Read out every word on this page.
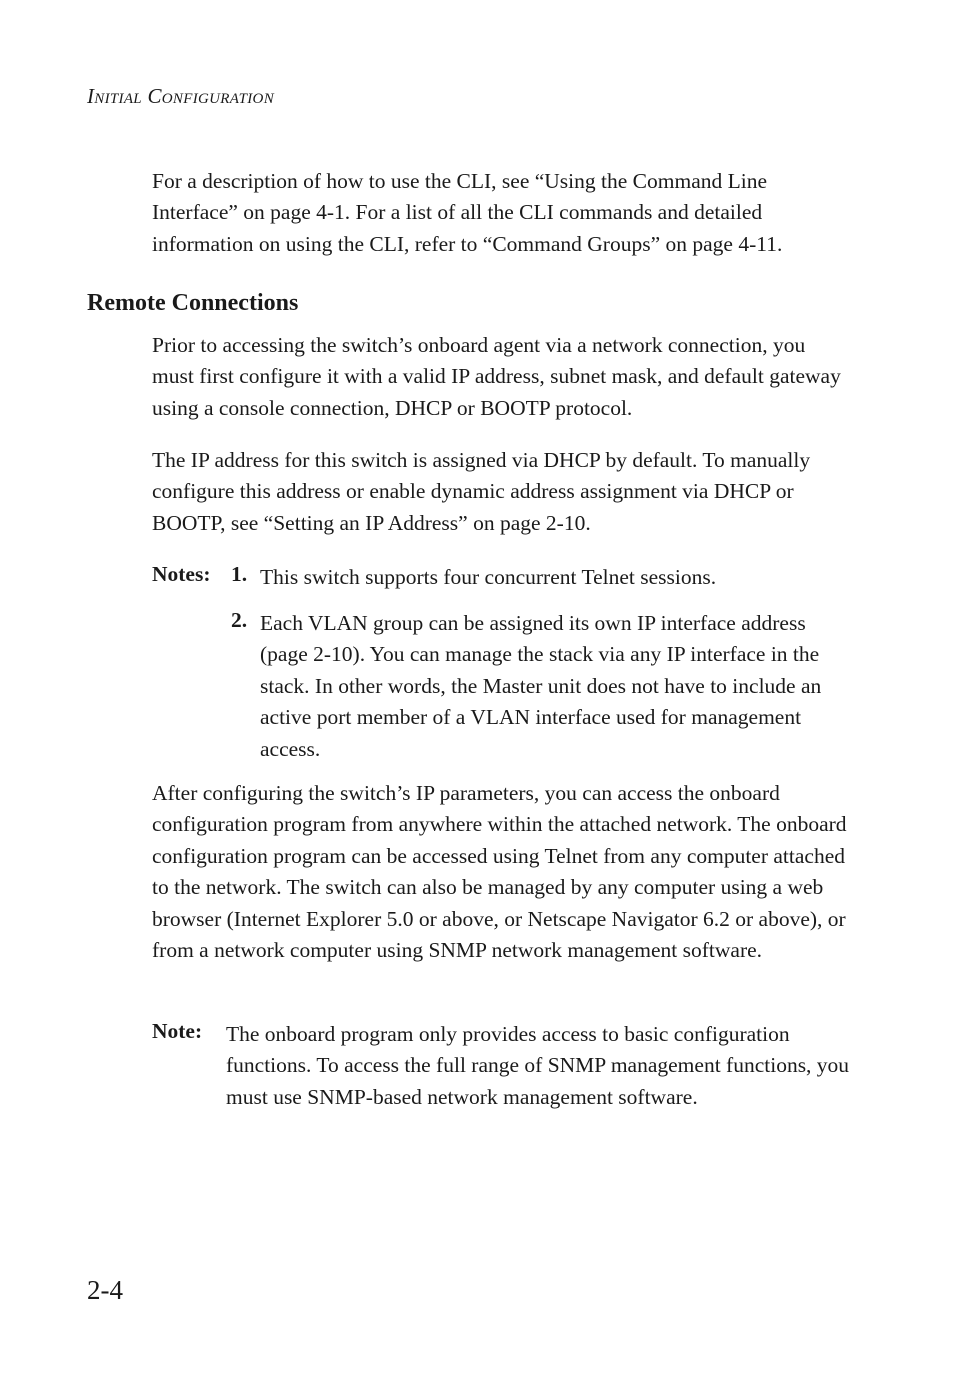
Initial Configuration

For a description of how to use the CLI, see “Using the Command Line Interface” on page 4-1. For a list of all the CLI commands and detailed information on using the CLI, refer to “Command Groups” on page 4-11.

Remote Connections

Prior to accessing the switch’s onboard agent via a network connection, you must first configure it with a valid IP address, subnet mask, and default gateway using a console connection, DHCP or BOOTP protocol.

The IP address for this switch is assigned via DHCP by default. To manually configure this address or enable dynamic address assignment via DHCP or BOOTP, see “Setting an IP Address” on page 2-10.

Notes: 1. This switch supports four concurrent Telnet sessions.

2. Each VLAN group can be assigned its own IP interface address (page 2-10). You can manage the stack via any IP interface in the stack. In other words, the Master unit does not have to include an active port member of a VLAN interface used for management access.

After configuring the switch’s IP parameters, you can access the onboard configuration program from anywhere within the attached network. The onboard configuration program can be accessed using Telnet from any computer attached to the network. The switch can also be managed by any computer using a web browser (Internet Explorer 5.0 or above, or Netscape Navigator 6.2 or above), or from a network computer using SNMP network management software.

Note: The onboard program only provides access to basic configuration functions. To access the full range of SNMP management functions, you must use SNMP-based network management software.

2-4
